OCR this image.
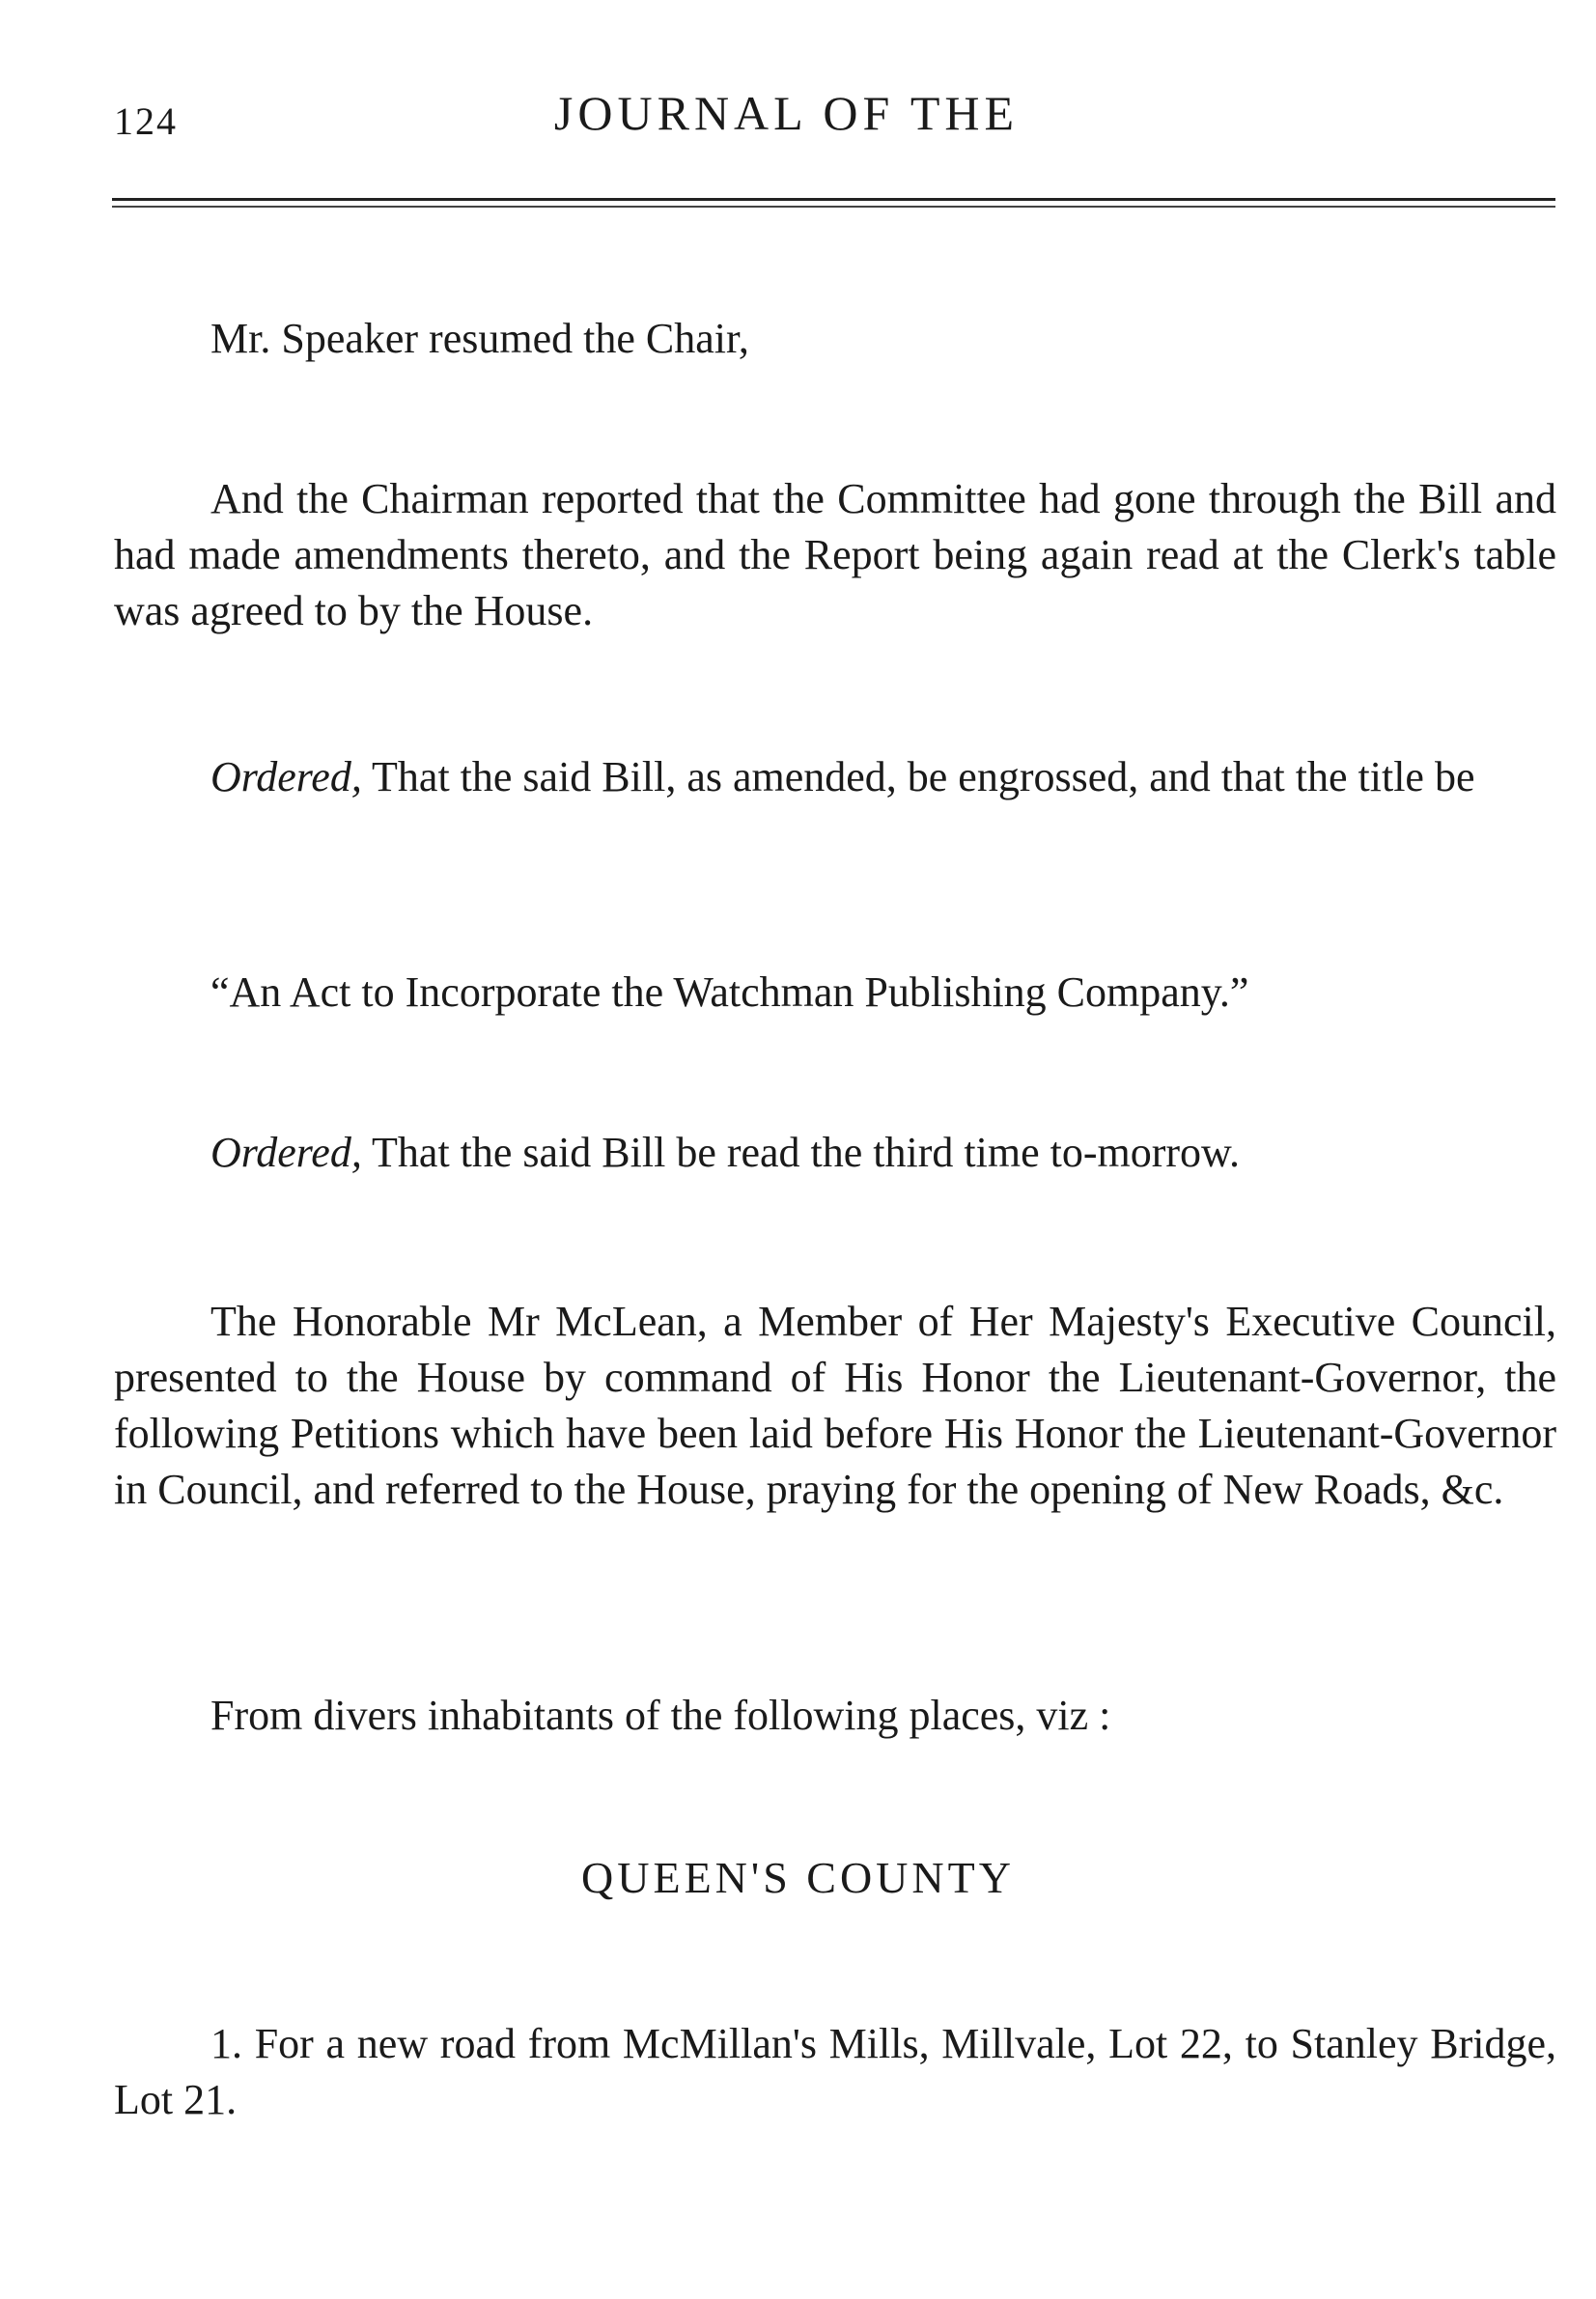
124	JOURNAL OF THE

Mr. Speaker resumed the Chair,

And the Chairman reported that the Committee had gone through the Bill and had made amendments thereto, and the Report being again read at the Clerk's table was agreed to by the House.

Ordered, That the said Bill, as amended, be engrossed, and that the title be

“An Act to Incorporate the Watchman Publishing Company.”

Ordered, That the said Bill be read the third time to-morrow.

The Honorable Mr McLean, a Member of Her Majesty's Executive Council, presented to the House by command of His Honor the Lieutenant-Governor, the following Petitions which have been laid before His Honor the Lieutenant-Governor in Council, and referred to the House, praying for the opening of New Roads, &c.

From divers inhabitants of the following places, viz :

QUEEN'S COUNTY

1. For a new road from McMillan's Mills, Millvale, Lot 22, to Stanley Bridge, Lot 21.
